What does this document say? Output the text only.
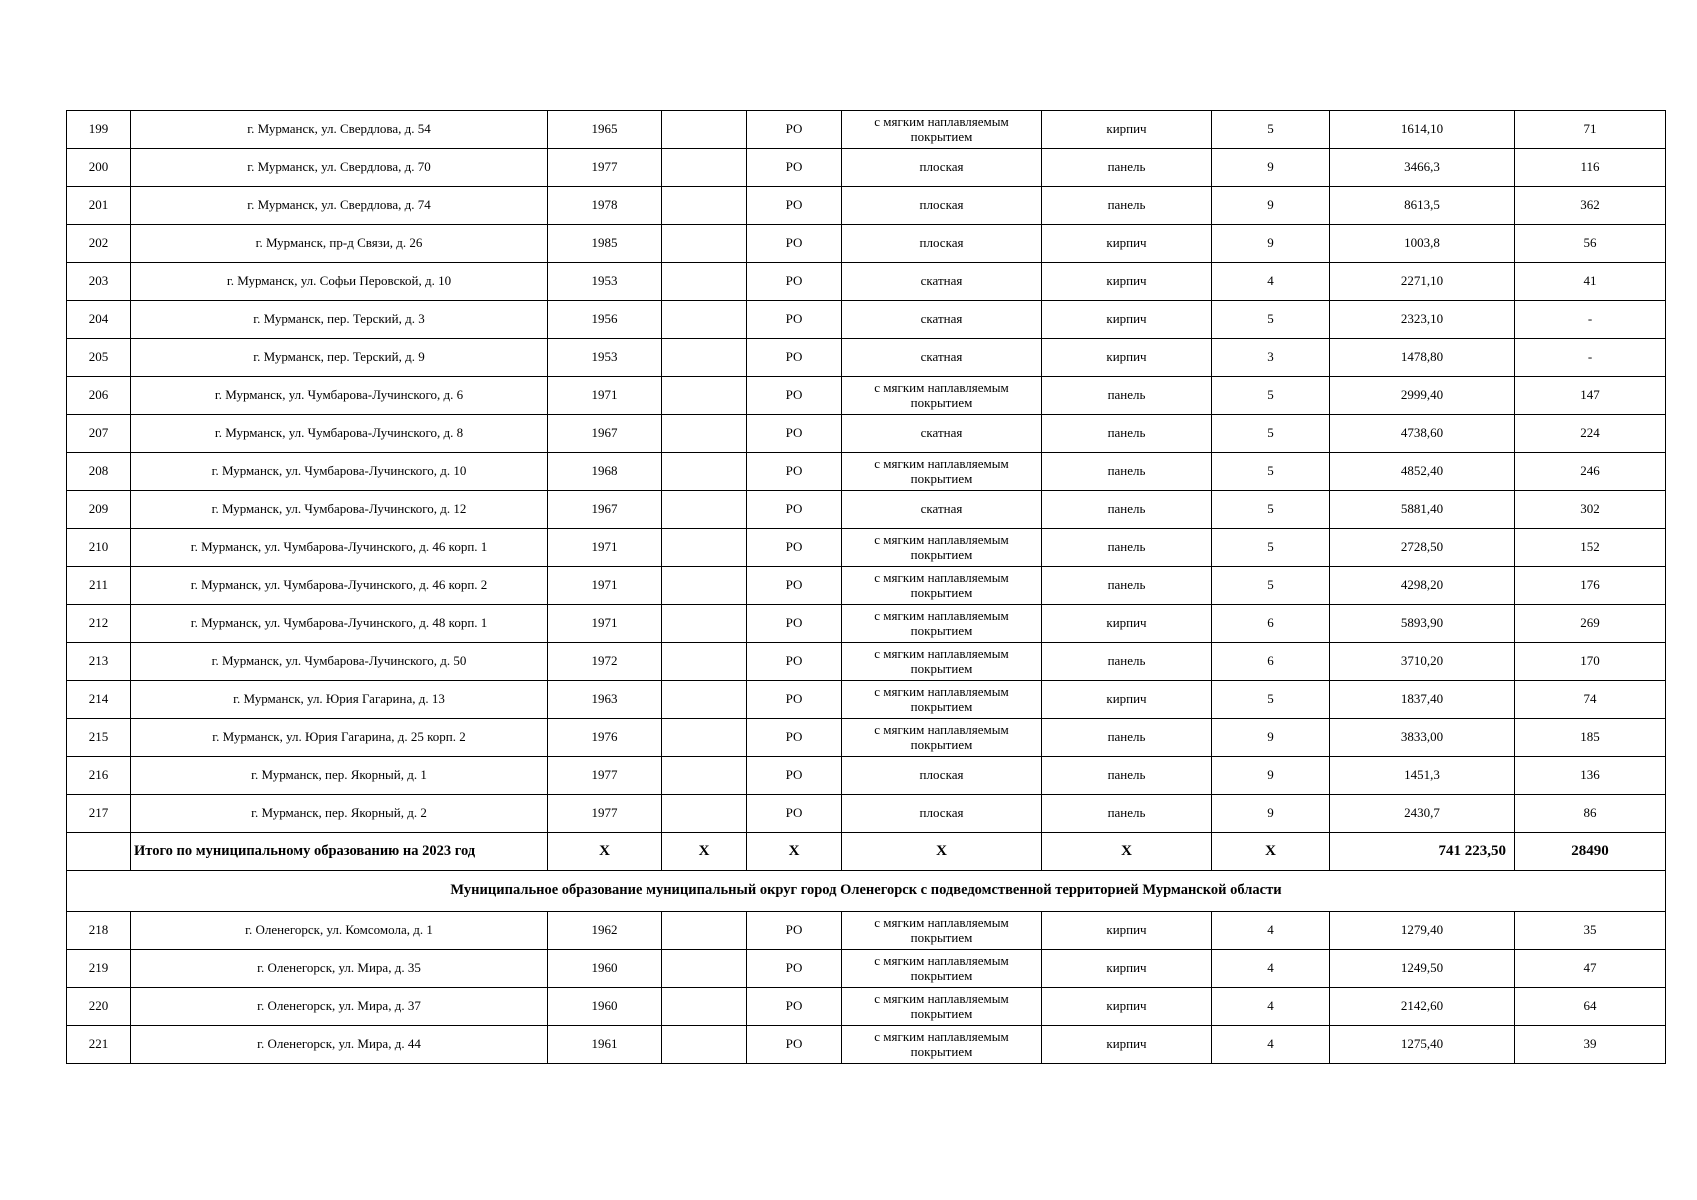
199	г. Мурманск, ул. Свердлова, д. 54	1965		РО	с мягким наплавляемым покрытием	кирпич	5	1614,10	71
200	г. Мурманск, ул. Свердлова, д. 70	1977		РО	плоская	панель	9	3466,3	116
201	г. Мурманск, ул. Свердлова, д. 74	1978		РО	плоская	панель	9	8613,5	362
202	г. Мурманск, пр-д Связи, д. 26	1985		РО	плоская	кирпич	9	1003,8	56
203	г. Мурманск, ул. Софьи Перовской, д. 10	1953		РО	скатная	кирпич	4	2271,10	41
204	г. Мурманск, пер. Терский, д. 3	1956		РО	скатная	кирпич	5	2323,10	-
205	г. Мурманск, пер. Терский, д. 9	1953		РО	скатная	кирпич	3	1478,80	-
206	г. Мурманск, ул. Чумбарова-Лучинского, д. 6	1971		РО	с мягким наплавляемым покрытием	панель	5	2999,40	147
207	г. Мурманск, ул. Чумбарова-Лучинского, д. 8	1967		РО	скатная	панель	5	4738,60	224
208	г. Мурманск, ул. Чумбарова-Лучинского, д. 10	1968		РО	с мягким наплавляемым покрытием	панель	5	4852,40	246
209	г. Мурманск, ул. Чумбарова-Лучинского, д. 12	1967		РО	скатная	панель	5	5881,40	302
210	г. Мурманск, ул. Чумбарова-Лучинского, д. 46 корп. 1	1971		РО	с мягким наплавляемым покрытием	панель	5	2728,50	152
211	г. Мурманск, ул. Чумбарова-Лучинского, д. 46 корп. 2	1971		РО	с мягким наплавляемым покрытием	панель	5	4298,20	176
212	г. Мурманск, ул. Чумбарова-Лучинского, д. 48 корп. 1	1971		РО	с мягким наплавляемым покрытием	кирпич	6	5893,90	269
213	г. Мурманск, ул. Чумбарова-Лучинского, д. 50	1972		РО	с мягким наплавляемым покрытием	панель	6	3710,20	170
214	г. Мурманск, ул. Юрия Гагарина, д. 13	1963		РО	с мягким наплавляемым покрытием	кирпич	5	1837,40	74
215	г. Мурманск, ул. Юрия Гагарина, д. 25 корп. 2	1976		РО	с мягким наплавляемым покрытием	панель	9	3833,00	185
216	г. Мурманск, пер. Якорный, д. 1	1977		РО	плоская	панель	9	1451,3	136
217	г. Мурманск, пер. Якорный, д. 2	1977		РО	плоская	панель	9	2430,7	86
	Итого по муниципальному образованию на 2023 год	X	X	X	X	X	X	741 223,50	28490
Муниципальное образование муниципальный округ город Оленегорск с подведомственной территорией Мурманской области									
218	г. Оленегорск, ул. Комсомола, д. 1	1962		РО	с мягким наплавляемым покрытием	кирпич	4	1279,40	35
219	г. Оленегорск, ул. Мира, д. 35	1960		РО	с мягким наплавляемым покрытием	кирпич	4	1249,50	47
220	г. Оленегорск, ул. Мира, д. 37	1960		РО	с мягким наплавляемым покрытием	кирпич	4	2142,60	64
221	г. Оленегорск, ул. Мира, д. 44	1961		РО	с мягким наплавляемым покрытием	кирпич	4	1275,40	39
